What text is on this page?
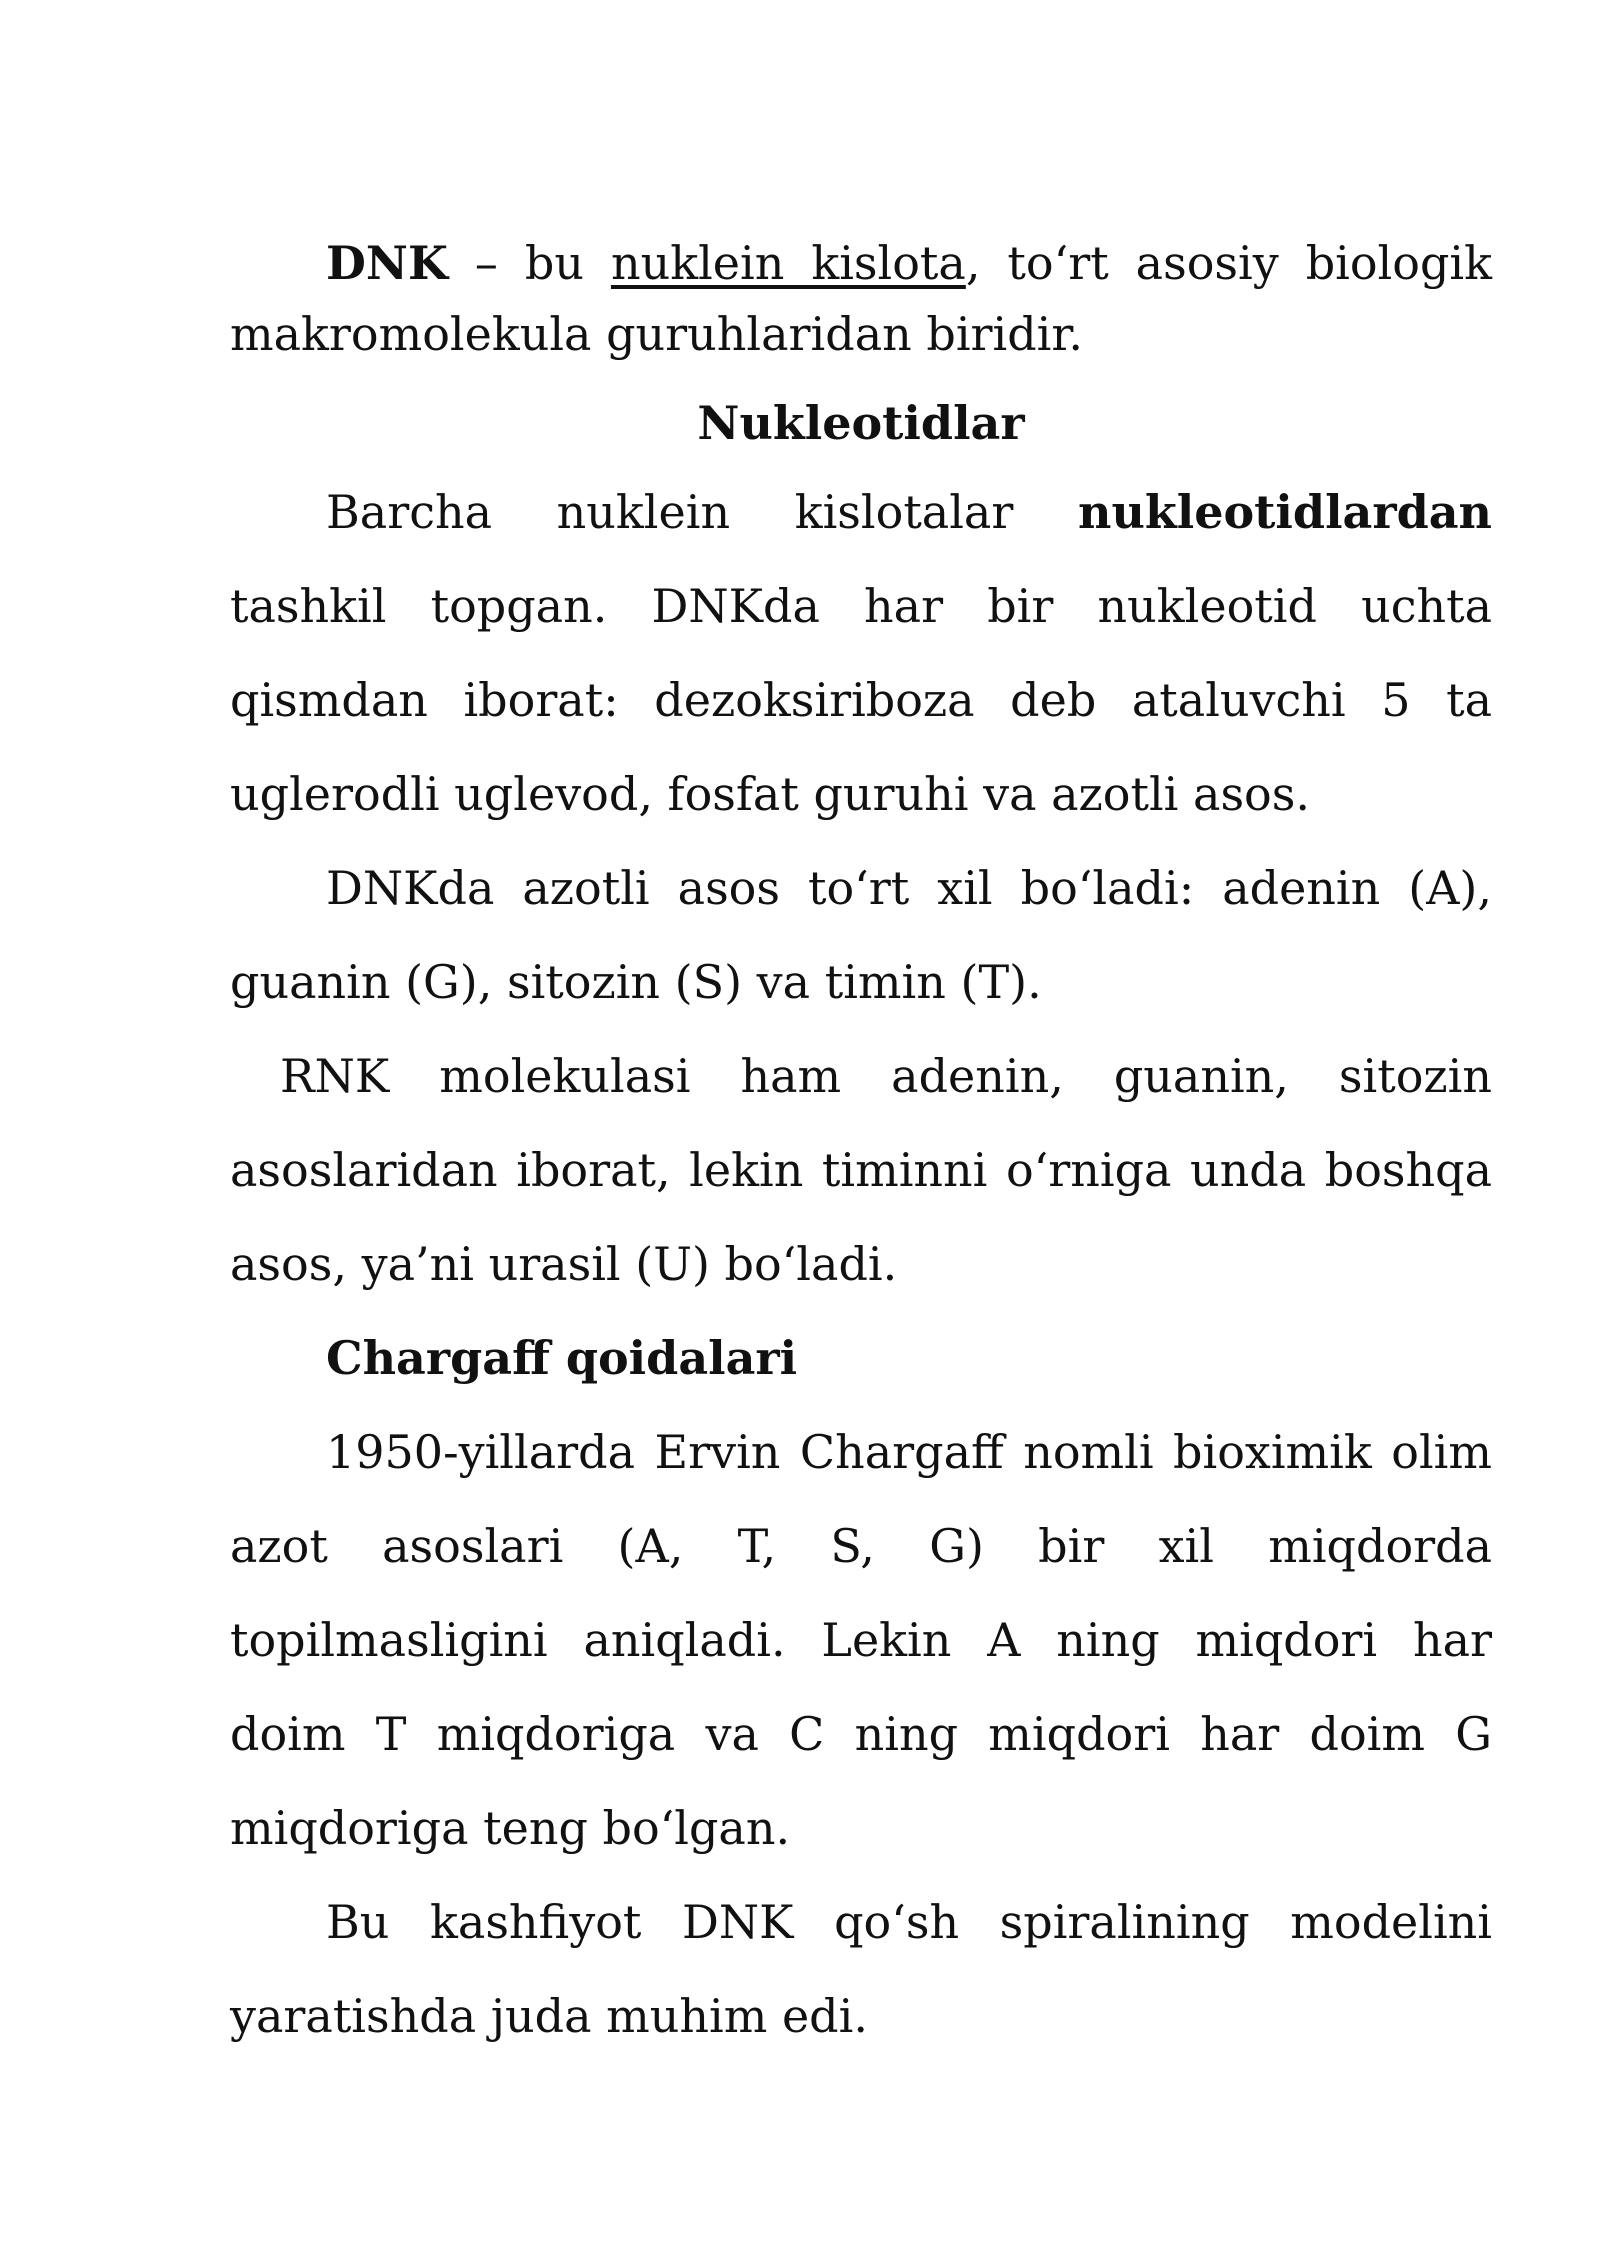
DNK – bu nuklein kislota, to‘rt asosiy biologik makromolekula guruhlaridan biridir.

Nukleotidlar

Barcha nuklein kislotalar nukleotidlardan tashkil topgan. DNKda har bir nukleotid uchta qismdan iborat: dezoksiriboza deb ataluvchi 5 ta uglerodli uglevod, fosfat guruhi va azotli asos.

DNKda azotli asos to‘rt xil bo‘ladi: adenin (A), guanin (G), sitozin (S) va timin (T).

RNK molekulasi ham adenin, guanin, sitozin asoslaridan iborat, lekin timinni o‘rniga unda boshqa asos, ya’ni urasil (U) bo‘ladi.

Chargaff qoidalari

1950-yillarda Ervin Chargaff nomli bioximik olim azot asoslari (A, T, S, G) bir xil miqdorda topilmasligini aniqladi. Lekin A ning miqdori har doim T miqdoriga va C ning miqdori har doim G miqdoriga teng bo‘lgan.

Bu kashfiyot DNK qo‘sh spiralining modelini yaratishda juda muhim edi.
